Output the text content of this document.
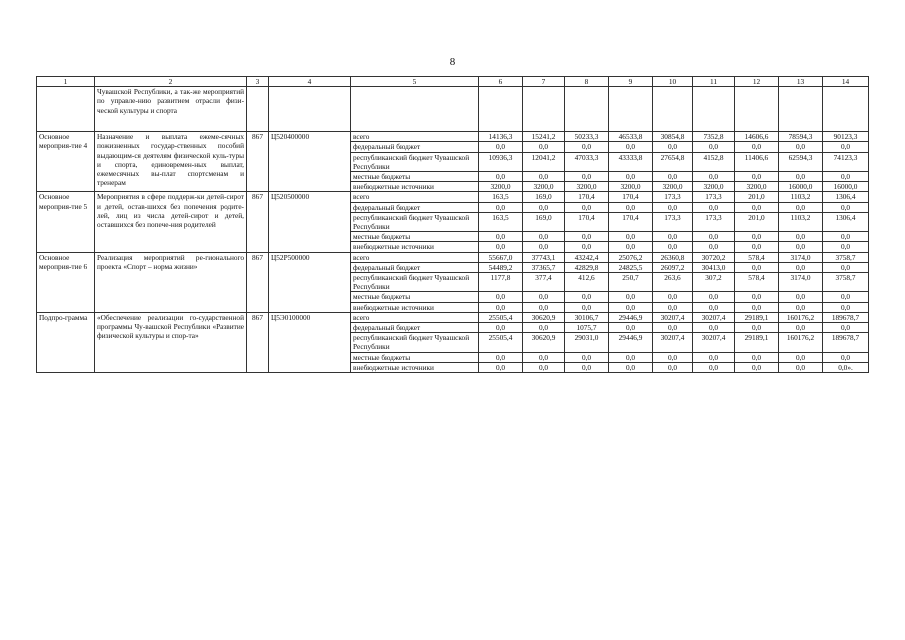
8
1	2	3	4	5	6	7	8	9	10	11	12	13	14
	Чувашской Республики, а так-же мероприятий по управле-нию развитием отрасли физи-ческой культуры и спорта												
Основное мероприя-тие 4	Назначение и выплата ежеме-сячных пожизненных государ-ственных пособий выдающим-ся деятелям физической куль-туры и спорта, единовремен-ных выплат, ежемесячных вы-плат спортсменам и тренерам	867	Ц520400000	всего	14136,3	15241,2	50233,3	46533,8	30854,8	7352,8	14606,6	78594,3	90123,3
				федеральный бюджет	0,0	0,0	0,0	0,0	0,0	0,0	0,0	0,0	0,0
				республиканский бюджет Чувашской Республики	10936,3	12041,2	47033,3	43333,8	27654,8	4152,8	11406,6	62594,3	74123,3
				местные бюджеты	0,0	0,0	0,0	0,0	0,0	0,0	0,0	0,0	0,0
				внебюджетные источники	3200,0	3200,0	3200,0	3200,0	3200,0	3200,0	3200,0	16000,0	16000,0
Основное мероприя-тие 5	Мероприятия в сфере поддерж-ки детей-сирот и детей, остав-шихся без попечения родите-лей, лиц из числа детей-сирот и детей, оставшихся без попече-ния родителей	867	Ц520500000	всего	163,5	169,0	170,4	170,4	173,3	173,3	201,0	1103,2	1306,4
				федеральный бюджет	0,0	0,0	0,0	0,0	0,0	0,0	0,0	0,0	0,0
				республиканский бюджет Чувашской Республики	163,5	169,0	170,4	170,4	173,3	173,3	201,0	1103,2	1306,4
				местные бюджеты	0,0	0,0	0,0	0,0	0,0	0,0	0,0	0,0	0,0
				внебюджетные источники	0,0	0,0	0,0	0,0	0,0	0,0	0,0	0,0	0,0
Основное мероприя-тие 6	Реализация мероприятий ре-гионального проекта «Спорт – норма жизни»	867	Ц52Р500000	всего	55667,0	37743,1	43242,4	25076,2	26360,8	30720,2	578,4	3174,0	3758,7
				федеральный бюджет	54489,2	37365,7	42829,8	24825,5	26097,2	30413,0	0,0	0,0	0,0
				республиканский бюджет Чувашской Республики	1177,8	377,4	412,6	250,7	263,6	307,2	578,4	3174,0	3758,7
				местные бюджеты	0,0	0,0	0,0	0,0	0,0	0,0	0,0	0,0	0,0
				внебюджетные источники	0,0	0,0	0,0	0,0	0,0	0,0	0,0	0,0	0,0
Подпро-грамма	«Обеспечение реализации го-сударственной программы Чу-вашской Республики «Развитие физической культуры и спор-та»	867	Ц5Э0100000	всего	25505,4	30620,9	30106,7	29446,9	30207,4	30207,4	29189,1	160176,2	189678,7
				федеральный бюджет	0,0	0,0	1075,7	0,0	0,0	0,0	0,0	0,0	0,0
				республиканский бюджет Чувашской Республики	25505,4	30620,9	29031,0	29446,9	30207,4	30207,4	29189,1	160176,2	189678,7
				местные бюджеты	0,0	0,0	0,0	0,0	0,0	0,0	0,0	0,0	0,0
				внебюджетные источники	0,0	0,0	0,0	0,0	0,0	0,0	0,0	0,0	0,0».
